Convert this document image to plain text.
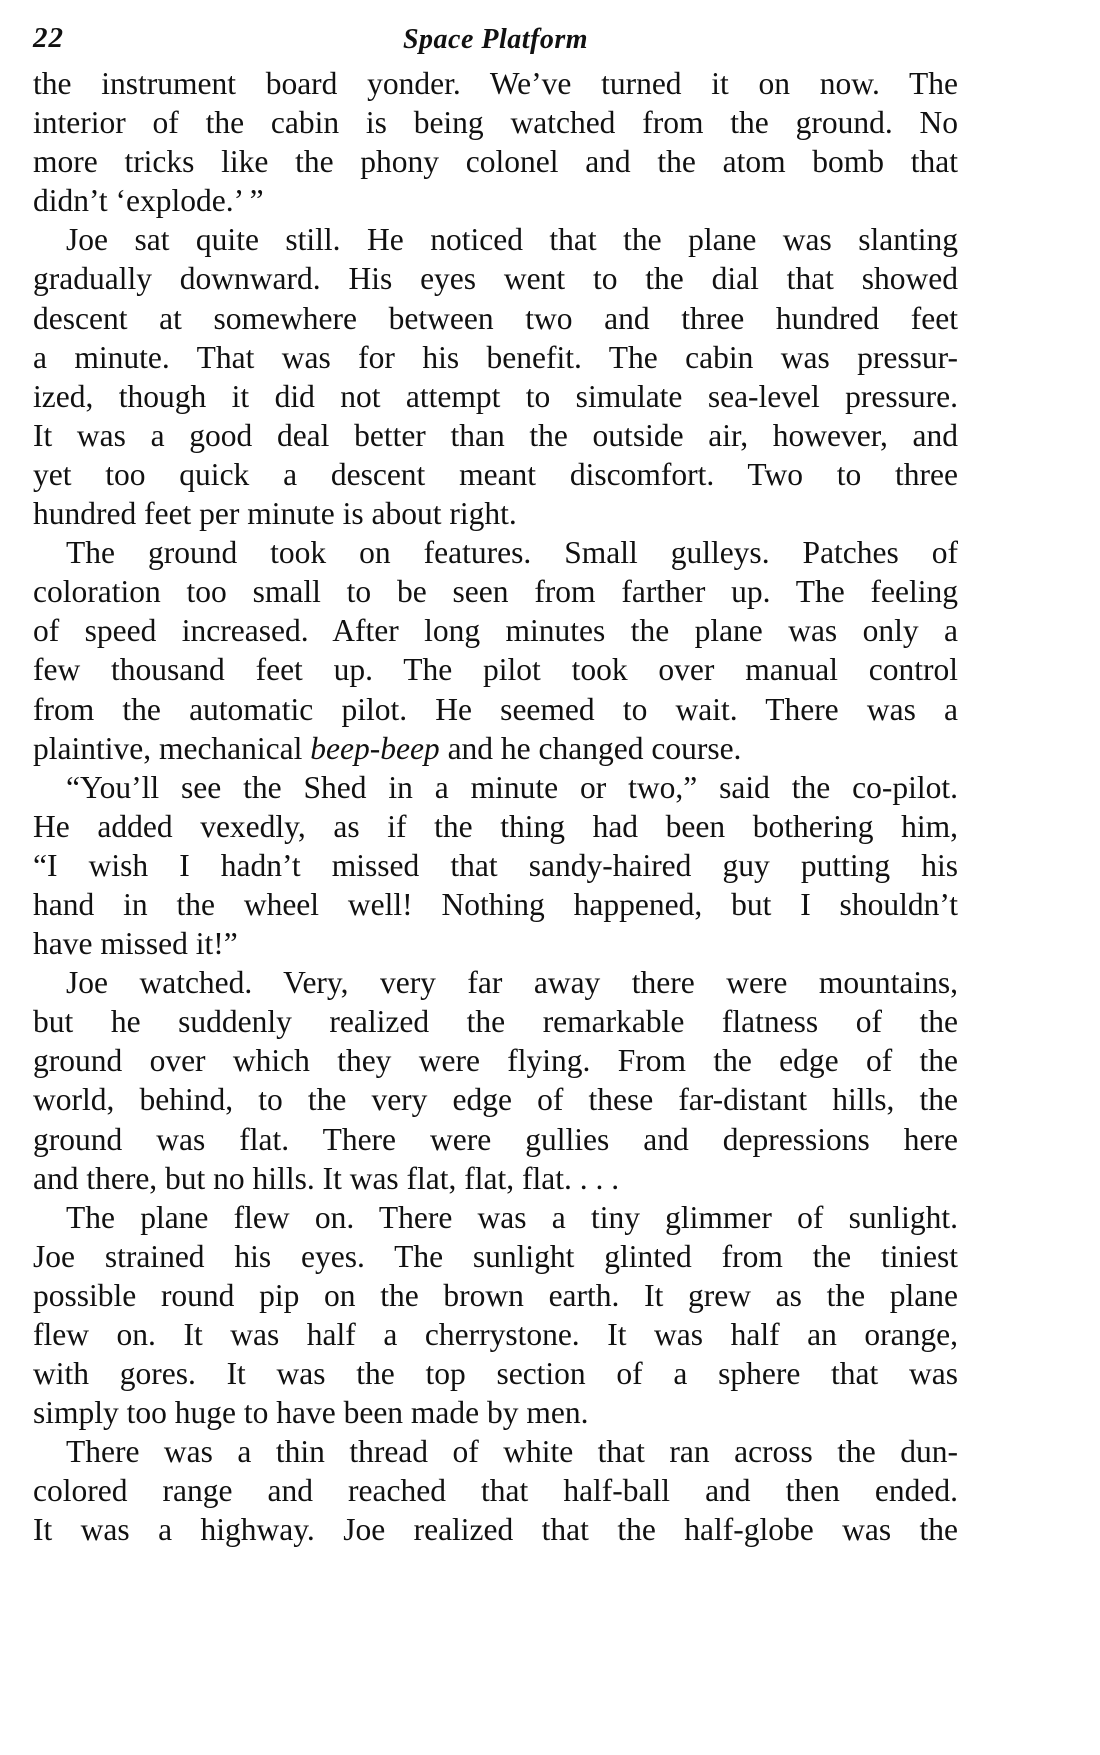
22	Space Platform

the instrument board yonder. We’ve turned it on now. The
interior of the cabin is being watched from the ground. No
more tricks like the phony colonel and the atom bomb that
didn’t ‘explode.’ ”

Joe sat quite still. He noticed that the plane was slanting
gradually downward. His eyes went to the dial that showed
descent at somewhere between two and three hundred feet
a minute. That was for his benefit. The cabin was pressur-
ized, though it did not attempt to simulate sea-level pressure.
It was a good deal better than the outside air, however, and
yet too quick a descent meant discomfort. Two to three
hundred feet per minute is about right.

The ground took on features. Small gulleys. Patches of
coloration too small to be seen from farther up. The feeling
of speed increased. After long minutes the plane was only a
few thousand feet up. The pilot took over manual control
from the automatic pilot. He seemed to wait. There was a
plaintive, mechanical beep-beep and he changed course.

“You’ll see the Shed in a minute or two,” said the co-pilot.
He added vexedly, as if the thing had been bothering him,
“I wish I hadn’t missed that sandy-haired guy putting his
hand in the wheel well! Nothing happened, but I shouldn’t
have missed it!”

Joe watched. Very, very far away there were mountains,
but he suddenly realized the remarkable flatness of the
ground over which they were flying. From the edge of the
world, behind, to the very edge of these far-distant hills, the
ground was flat. There were gullies and depressions here
and there, but no hills. It was flat, flat, flat. . . .

The plane flew on. There was a tiny glimmer of sunlight.
Joe strained his eyes. The sunlight glinted from the tiniest
possible round pip on the brown earth. It grew as the plane
flew on. It was half a cherrystone. It was half an orange,
with gores. It was the top section of a sphere that was
simply too huge to have been made by men.

There was a thin thread of white that ran across the dun-
colored range and reached that half-ball and then ended.
It was a highway. Joe realized that the half-globe was the
